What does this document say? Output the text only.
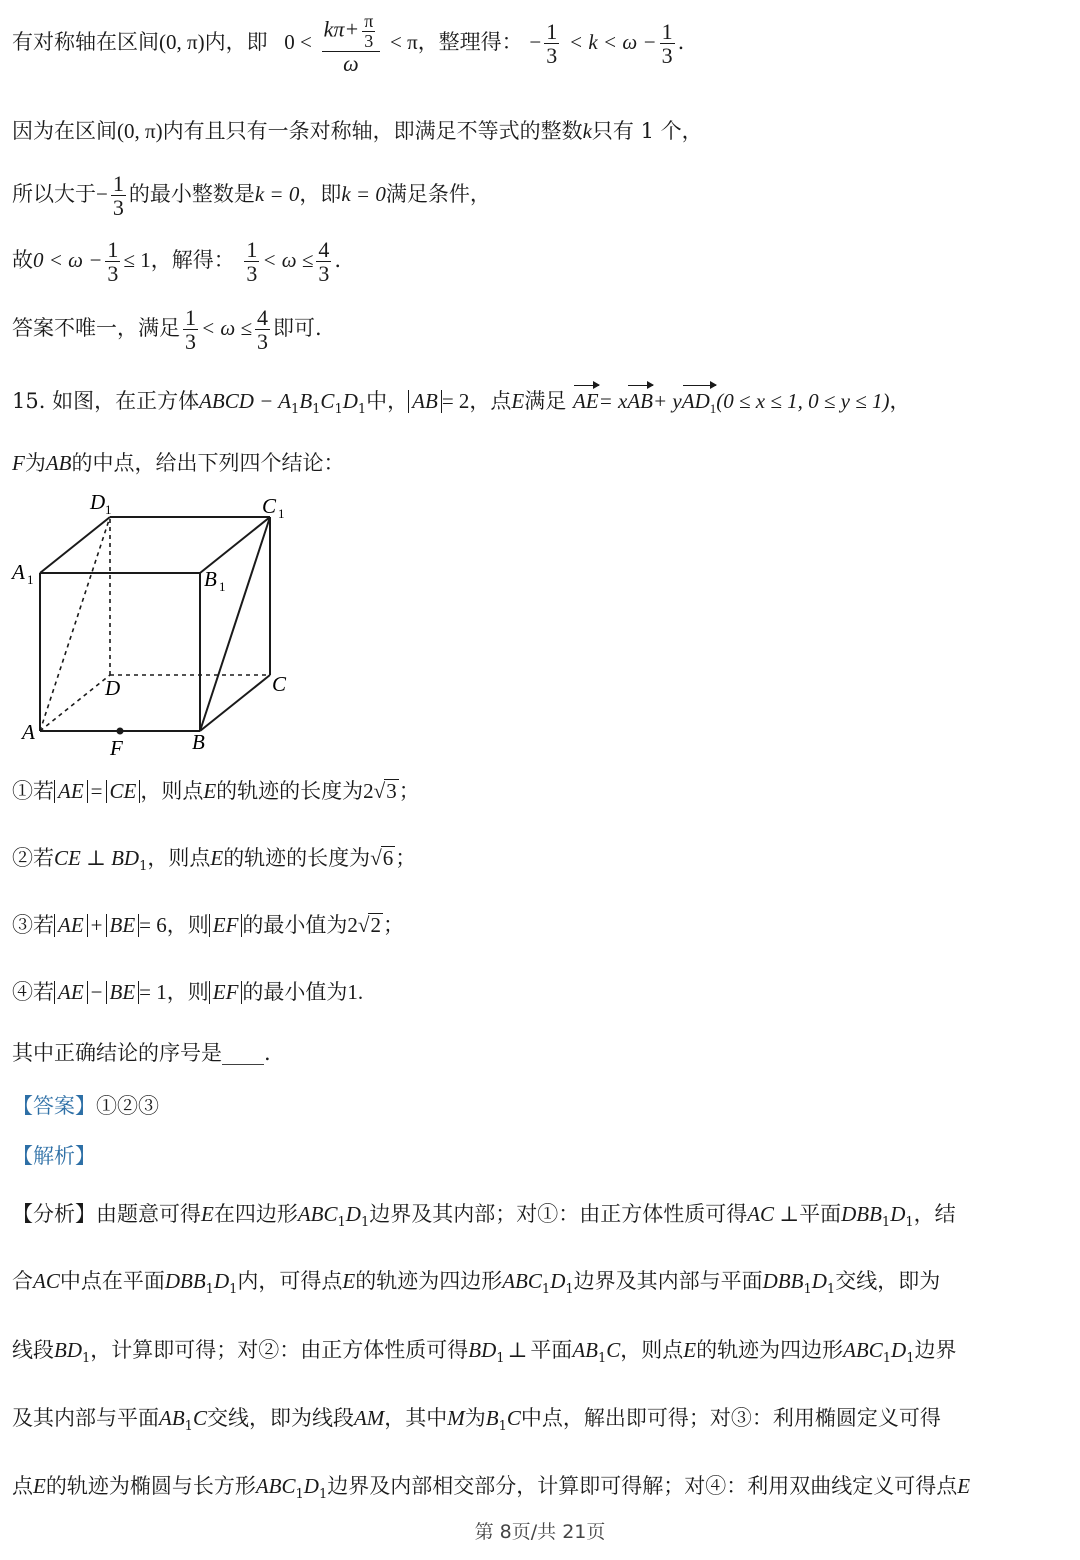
有对称轴在区间(0, π)内，即 $0 < \frac{k\pi+ \frac{\pi}{3}}{\omega} < \pi$，整理得： − $\frac{1}{3} < k < \omega - \frac{1}{3}$ .
因为在区间(0, π)内有且只有一条对称轴，即满足不等式的整数k只有 1 个，
所以大于− $\frac{1}{3}$ 的最小整数是k = 0，即k = 0满足条件，
故$0 < \omega - \frac{1}{3} \le 1$，解得： $\frac{1}{3} < \omega \le \frac{4}{3}$ .
答案不唯一，满足 $\frac{1}{3} < \omega \le \frac{4}{3}$ 即可.
15. 如图，在正方体ABCD − $A_1B_1C_1D_1$中， AB = 2，点E满足 AE= xAB+ yAD$_1$(0 ≤ x ≤ 1, 0 ≤ y ≤ 1)，
F为AB的中点，给出下列四个结论：
D 1	C 1
A 1	B 1
D	C
A
F	B
①若 AE = CE ，则点E的轨迹的长度为2√3；
②若CE ⊥ $BD_1$，则点E的轨迹的长度为√6；
③若 AE + BE = 6，则 EF 的最小值为2√2；
④若 AE − BE = 1，则 EF 的最小值为1.
其中正确结论的序号是____.
【答案】①②③
【解析】
【分析】由题意可得E在四边形$ABC_1D_1$边界及其内部；对①：由正方体性质可得AC ⊥平面$DBB_1D_1$，结
合AC中点在平面$DBB_1D_1$内，可得点E的轨迹为四边形$ABC_1D_1$边界及其内部与平面$DBB_1D_1$交线，即为
线段$BD_1$，计算即可得；对②：由正方体性质可得$BD_1$ ⊥ 平面$AB_1C$，则点E的轨迹为四边形$ABC_1D_1$边界
及其内部与平面$AB_1C$交线，即为线段AM，其中M为$B_1C$中点，解出即可得；对③：利用椭圆定义可得
点E的轨迹为椭圆与长方形$ABC_1D_1$边界及内部相交部分，计算即可得解；对④：利用双曲线定义可得点E
第 8页/共 21页
